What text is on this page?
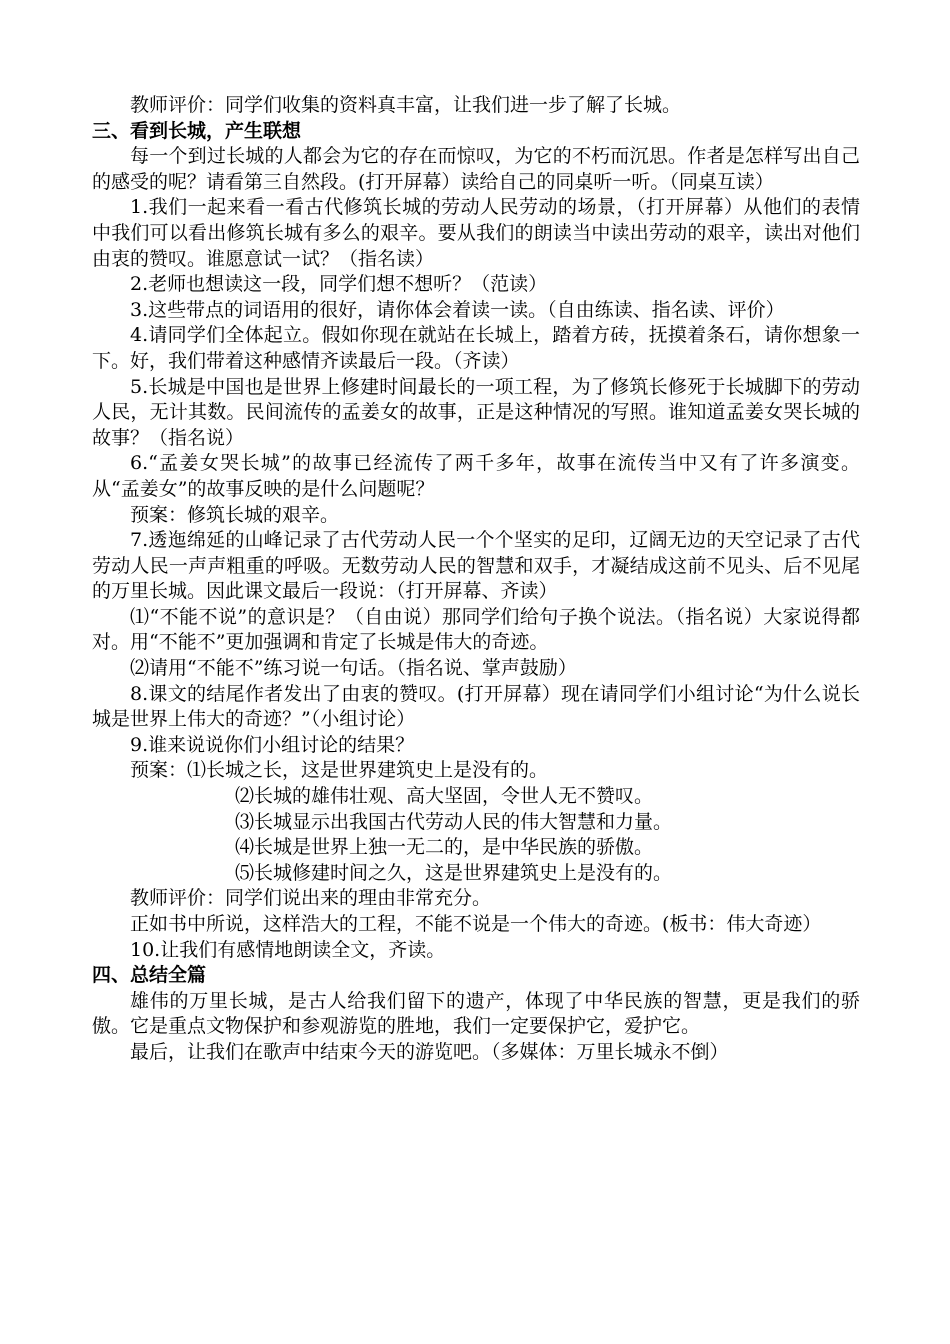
教师评价：同学们收集的资料真丰富，让我们进一步了解了长城。

三、看到长城，产生联想

每一个到过长城的人都会为它的存在而惊叹，为它的不朽而沉思。作者是怎样写出自己的感受的呢？请看第三自然段。(打开屏幕）读给自己的同桌听一听。（同桌互读）

1.我们一起来看一看古代修筑长城的劳动人民劳动的场景，（打开屏幕）从他们的表情中我们可以看出修筑长城有多么的艰辛。要从我们的朗读当中读出劳动的艰辛，读出对他们由衷的赞叹。谁愿意试一试？（指名读）

2.老师也想读这一段，同学们想不想听？（范读）

3.这些带点的词语用的很好，请你体会着读一读。（自由练读、指名读、评价）

4.请同学们全体起立。假如你现在就站在长城上，踏着方砖，抚摸着条石，请你想象一下。好，我们带着这种感情齐读最后一段。（齐读）

5.长城是中国也是世界上修建时间最长的一项工程，为了修筑长修死于长城脚下的劳动人民，无计其数。民间流传的孟姜女的故事，正是这种情况的写照。谁知道孟姜女哭长城的故事？（指名说）

6.“孟姜女哭长城”的故事已经流传了两千多年，故事在流传当中又有了许多演变。从“孟姜女”的故事反映的是什么问题呢？

预案：修筑长城的艰辛。

7.透迤绵延的山峰记录了古代劳动人民一个个坚实的足印，辽阔无边的天空记录了古代劳动人民一声声粗重的呼吸。无数劳动人民的智慧和双手，才凝结成这前不见头、后不见尾的万里长城。因此课文最后一段说：（打开屏幕、齐读）

⑴“不能不说”的意识是？（自由说）那同学们给句子换个说法。（指名说）大家说得都对。用“不能不”更加强调和肯定了长城是伟大的奇迹。

⑵请用“不能不”练习说一句话。（指名说、掌声鼓励）

8.课文的结尾作者发出了由衷的赞叹。(打开屏幕）现在请同学们小组讨论“为什么说长城是世界上伟大的奇迹？”（小组讨论）

9.谁来说说你们小组讨论的结果？

预案：⑴长城之长，这是世界建筑史上是没有的。

⑵长城的雄伟壮观、高大坚固，令世人无不赞叹。

⑶长城显示出我国古代劳动人民的伟大智慧和力量。

⑷长城是世界上独一无二的，是中华民族的骄傲。

⑸长城修建时间之久，这是世界建筑史上是没有的。

教师评价：同学们说出来的理由非常充分。

正如书中所说，这样浩大的工程，不能不说是一个伟大的奇迹。(板书：伟大奇迹）

10.让我们有感情地朗读全文，齐读。

四、总结全篇

雄伟的万里长城，是古人给我们留下的遗产，体现了中华民族的智慧，更是我们的骄傲。它是重点文物保护和参观游览的胜地，我们一定要保护它，爱护它。

最后，让我们在歌声中结束今天的游览吧。（多媒体：万里长城永不倒）
